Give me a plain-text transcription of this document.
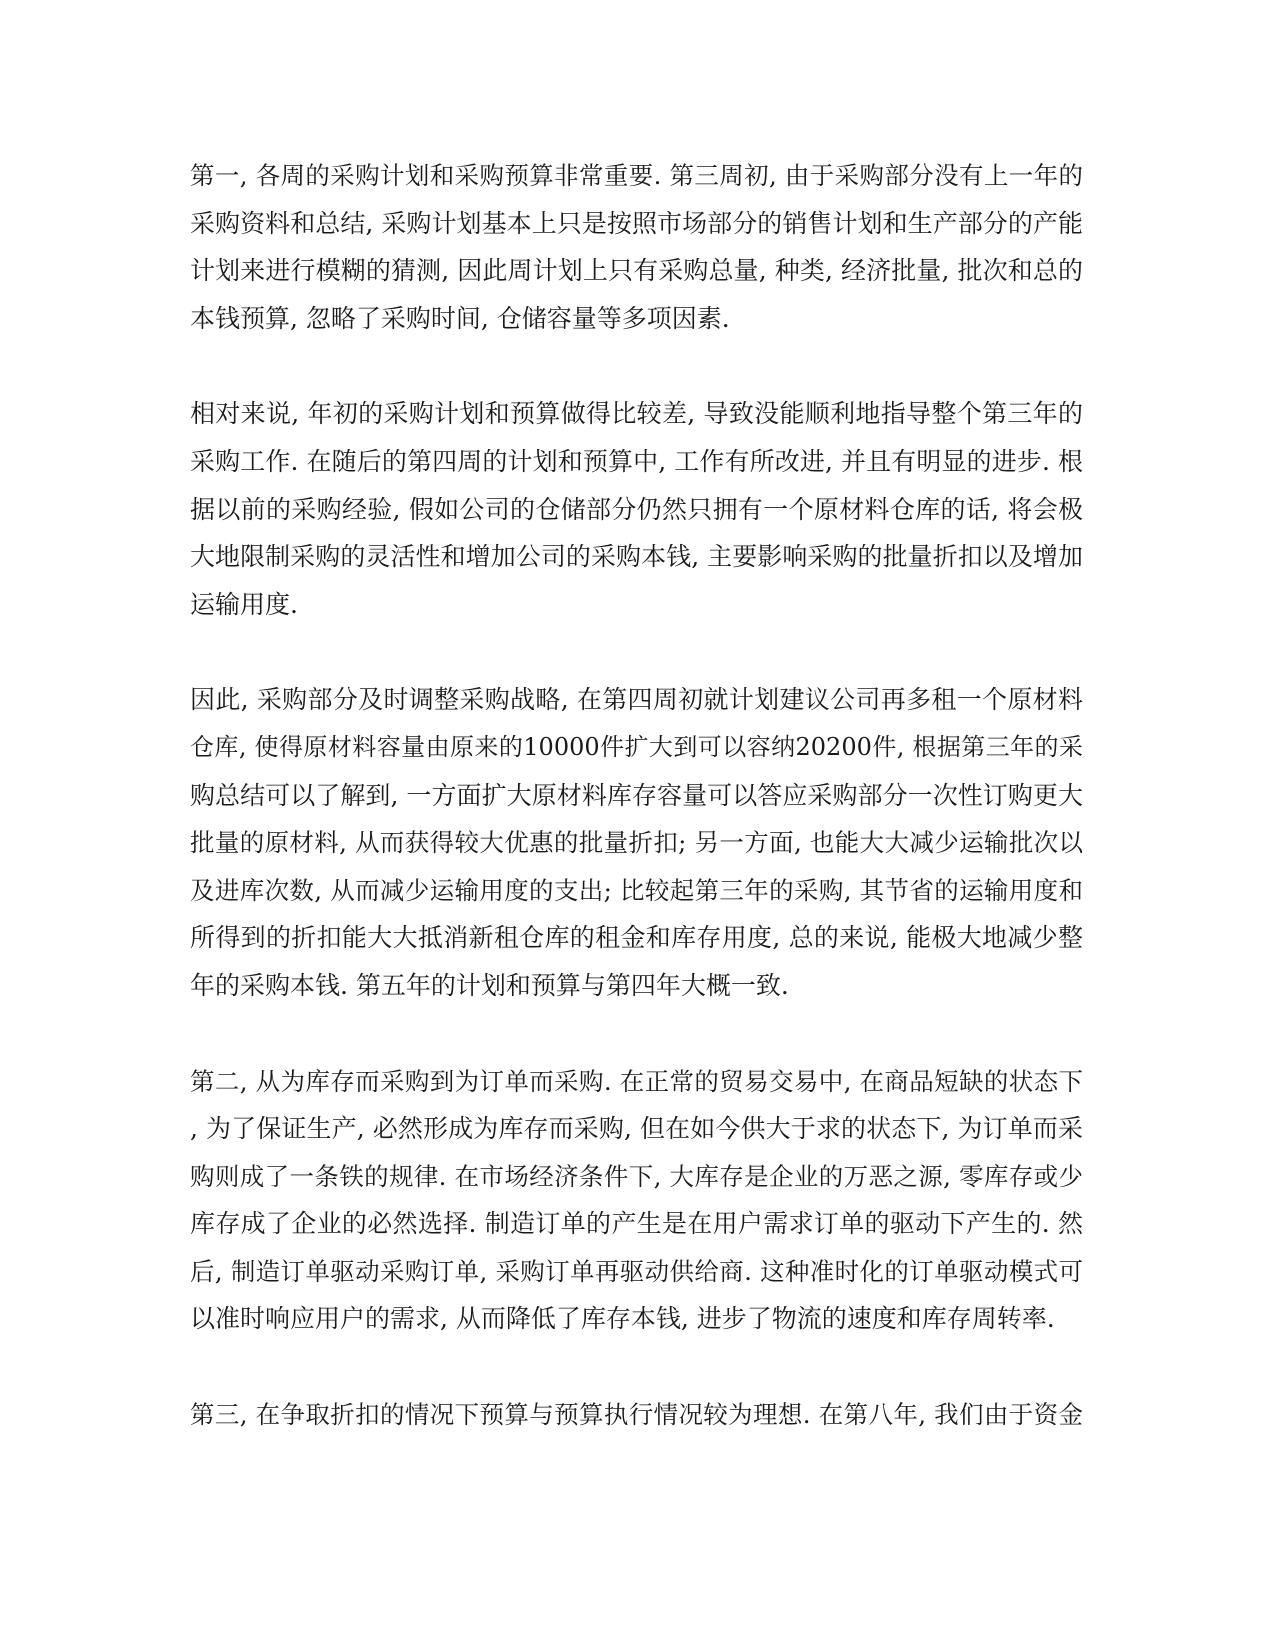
第一, 各周的采购计划和采购预算非常重要. 第三周初, 由于采购部分没有上一年的
采购资料和总结, 采购计划基本上只是按照市场部分的销售计划和生产部分的产能
计划来进行模糊的猜测, 因此周计划上只有采购总量, 种类, 经济批量, 批次和总的
本钱预算, 忽略了采购时间, 仓储容量等多项因素.

相对来说, 年初的采购计划和预算做得比较差, 导致没能顺利地指导整个第三年的
采购工作. 在随后的第四周的计划和预算中, 工作有所改进, 并且有明显的进步. 根
据以前的采购经验, 假如公司的仓储部分仍然只拥有一个原材料仓库的话, 将会极
大地限制采购的灵活性和增加公司的采购本钱, 主要影响采购的批量折扣以及增加
运输用度.

因此, 采购部分及时调整采购战略, 在第四周初就计划建议公司再多租一个原材料
仓库, 使得原材料容量由原来的10000件扩大到可以容纳20200件, 根据第三年的采
购总结可以了解到, 一方面扩大原材料库存容量可以答应采购部分一次性订购更大
批量的原材料, 从而获得较大优惠的批量折扣; 另一方面, 也能大大减少运输批次以
及进库次数, 从而减少运输用度的支出; 比较起第三年的采购, 其节省的运输用度和
所得到的折扣能大大抵消新租仓库的租金和库存用度, 总的来说, 能极大地减少整
年的采购本钱. 第五年的计划和预算与第四年大概一致.

第二, 从为库存而采购到为订单而采购. 在正常的贸易交易中, 在商品短缺的状态下
, 为了保证生产, 必然形成为库存而采购, 但在如今供大于求的状态下, 为订单而采
购则成了一条铁的规律. 在市场经济条件下, 大库存是企业的万恶之源, 零库存或少
库存成了企业的必然选择. 制造订单的产生是在用户需求订单的驱动下产生的. 然
后, 制造订单驱动采购订单, 采购订单再驱动供给商. 这种准时化的订单驱动模式可
以准时响应用户的需求, 从而降低了库存本钱, 进步了物流的速度和库存周转率.

第三, 在争取折扣的情况下预算与预算执行情况较为理想. 在第八年, 我们由于资金
